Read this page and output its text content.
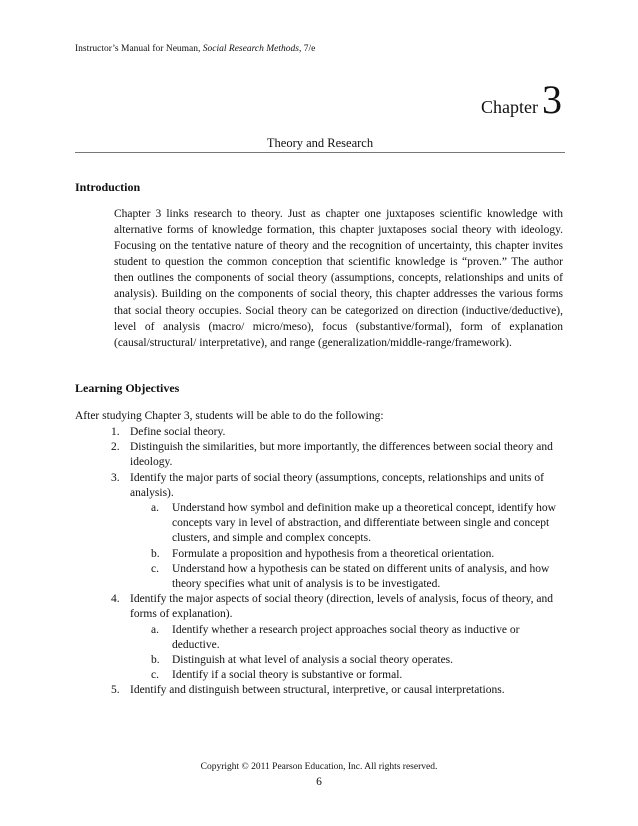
Instructor’s Manual for Neuman, Social Research Methods, 7/e
Chapter 3
Theory and Research
Introduction
Chapter 3 links research to theory. Just as chapter one juxtaposes scientific knowledge with alternative forms of knowledge formation, this chapter juxtaposes social theory with ideology. Focusing on the tentative nature of theory and the recognition of uncertainty, this chapter invites student to question the common conception that scientific knowledge is “proven.” The author then outlines the components of social theory (assumptions, concepts, relationships and units of analysis). Building on the components of social theory, this chapter addresses the various forms that social theory occupies. Social theory can be categorized on direction (inductive/deductive), level of analysis (macro/ micro/meso), focus (substantive/formal), form of explanation (causal/structural/ interpretative), and range (generalization/middle-range/framework).
Learning Objectives
After studying Chapter 3, students will be able to do the following:
1. Define social theory.
2. Distinguish the similarities, but more importantly, the differences between social theory and ideology.
3. Identify the major parts of social theory (assumptions, concepts, relationships and units of analysis).
a. Understand how symbol and definition make up a theoretical concept, identify how concepts vary in level of abstraction, and differentiate between single and concept clusters, and simple and complex concepts.
b. Formulate a proposition and hypothesis from a theoretical orientation.
c. Understand how a hypothesis can be stated on different units of analysis, and how theory specifies what unit of analysis is to be investigated.
4. Identify the major aspects of social theory (direction, levels of analysis, focus of theory, and forms of explanation).
a. Identify whether a research project approaches social theory as inductive or deductive.
b. Distinguish at what level of analysis a social theory operates.
c. Identify if a social theory is substantive or formal.
5. Identify and distinguish between structural, interpretive, or causal interpretations.
Copyright © 2011 Pearson Education, Inc. All rights reserved.
6
